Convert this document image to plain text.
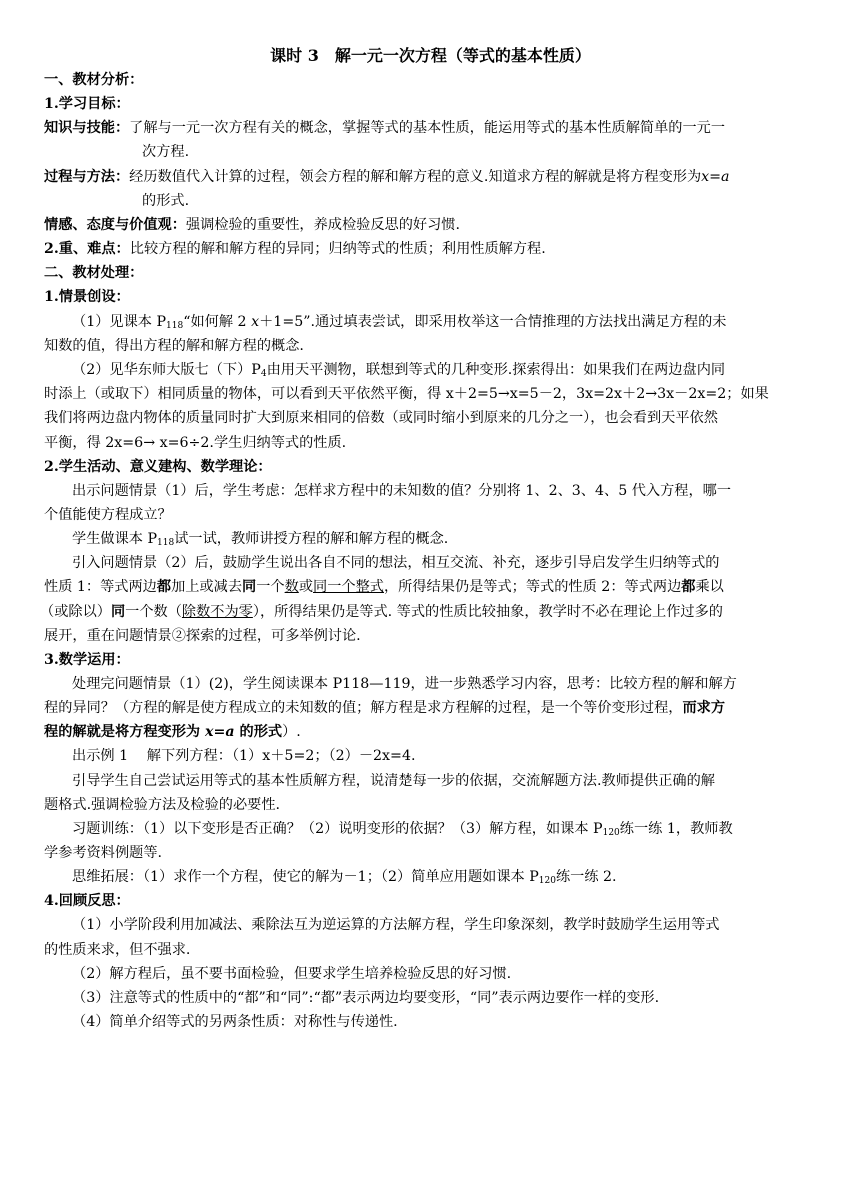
课时 3　解一元一次方程（等式的基本性质）
一、教材分析：
1.学习目标：
知识与技能：了解与一元一次方程有关的概念，掌握等式的基本性质，能运用等式的基本性质解简单的一元一
次方程.
过程与方法：经历数值代入计算的过程，领会方程的解和解方程的意义.知道求方程的解就是将方程变形为x=a
的形式.
情感、态度与价值观：强调检验的重要性，养成检验反思的好习惯.
2.重、难点：比较方程的解和解方程的异同；归纳等式的性质；利用性质解方程.
二、教材处理：
1.情景创设：
（1）见课本 $P_{118}“$如何解 2 x＋1=5”.通过填表尝试，即采用枚举这一合情推理的方法找出满足方程的未
知数的值，得出方程的解和解方程的概念.
（2）见华东师大版七（下）$P_4$由用天平测物，联想到等式的几种变形.探索得出：如果我们在两边盘内同
时添上（或取下）相同质量的物体，可以看到天平依然平衡，得 x＋2=5→x=5－2，3x=2x＋2→3x－2x=2；如果
我们将两边盘内物体的质量同时扩大到原来相同的倍数（或同时缩小到原来的几分之一），也会看到天平依然
平衡，得 2x=6→ x=6÷2.学生归纳等式的性质.
2.学生活动、意义建构、数学理论：
出示问题情景（1）后，学生考虑：怎样求方程中的未知数的值？分别将 1、2、3、4、5 代入方程，哪一
个值能使方程成立？
学生做课本 $P_{118}$试一试，教师讲授方程的解和解方程的概念.
引入问题情景（2）后，鼓励学生说出各自不同的想法，相互交流、补充，逐步引导启发学生归纳等式的
性质 1：等式两边都加上或减去同一个数或同一个整式，所得结果仍是等式；等式的性质 2：等式两边都乘以
（或除以）同一个数（除数不为零），所得结果仍是等式. 等式的性质比较抽象，教学时不必在理论上作过多的
展开，重在问题情景②探索的过程，可多举例讨论.
3.数学运用：
处理完问题情景（1）(2)，学生阅读课本 P118—119，进一步熟悉学习内容，思考：比较方程的解和解方
程的异同？（方程的解是使方程成立的未知数的值；解方程是求方程解的过程，是一个等价变形过程，而求方
程的解就是将方程变形为 x=a 的形式）.
出示例 1　 解下列方程：（1）x＋5=2；（2）－2x=4.
引导学生自己尝试运用等式的基本性质解方程，说清楚每一步的依据，交流解题方法.教师提供正确的解
题格式.强调检验方法及检验的必要性.
习题训练：（1）以下变形是否正确？（2）说明变形的依据？（3）解方程，如课本 $P_{120}$练一练 1，教师教
学参考资料例题等.
思维拓展：（1）求作一个方程，使它的解为－1；（2）简单应用题如课本 $P_{120}$练一练 2.
4.回顾反思：
（1）小学阶段利用加减法、乘除法互为逆运算的方法解方程，学生印象深刻，教学时鼓励学生运用等式
的性质来求，但不强求.
（2）解方程后，虽不要书面检验，但要求学生培养检验反思的好习惯.
（3）注意等式的性质中的“都”和“同”:“都”表示两边均要变形，“同”表示两边要作一样的变形.
（4）简单介绍等式的另两条性质：对称性与传递性.
